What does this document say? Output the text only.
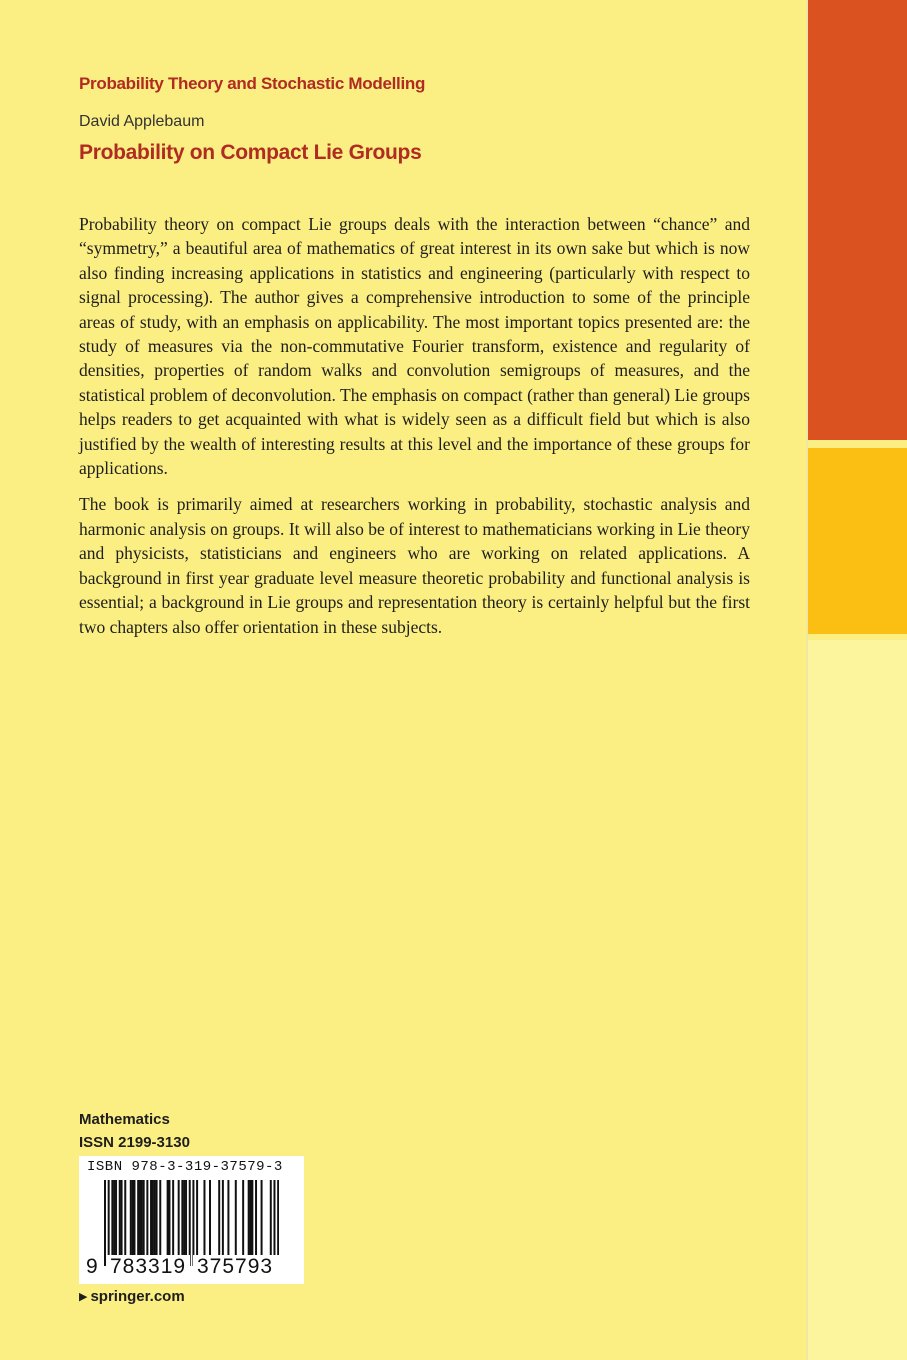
Probability Theory and Stochastic Modelling
David Applebaum
Probability on Compact Lie Groups

Probability theory on compact Lie groups deals with the interaction between “chance” and “symmetry,” a beautiful area of mathematics of great interest in its own sake but which is now also finding increasing applications in statistics and engineering (particularly with respect to signal processing). The author gives a comprehensive introduction to some of the principle areas of study, with an emphasis on applicability. The most important topics presented are: the study of measures via the non-commutative Fourier transform, existence and regularity of densities, properties of random walks and convolution semigroups of measures, and the statistical problem of deconvolution. The emphasis on compact (rather than general) Lie groups helps readers to get acquainted with what is widely seen as a difficult field but which is also justified by the wealth of interesting results at this level and the importance of these groups for applications.

The book is primarily aimed at researchers working in probability, stochastic analysis and harmonic analysis on groups. It will also be of interest to mathematicians working in Lie theory and physicists, statisticians and engineers who are working on related applications. A background in first year graduate level measure theoretic probability and functional analysis is essential; a background in Lie groups and representation theory is certainly helpful but the first two chapters also offer orientation in these subjects.

Mathematics
ISSN 2199-3130
ISBN 978-3-319-37579-3
9 783319 375793
▶ springer.com
